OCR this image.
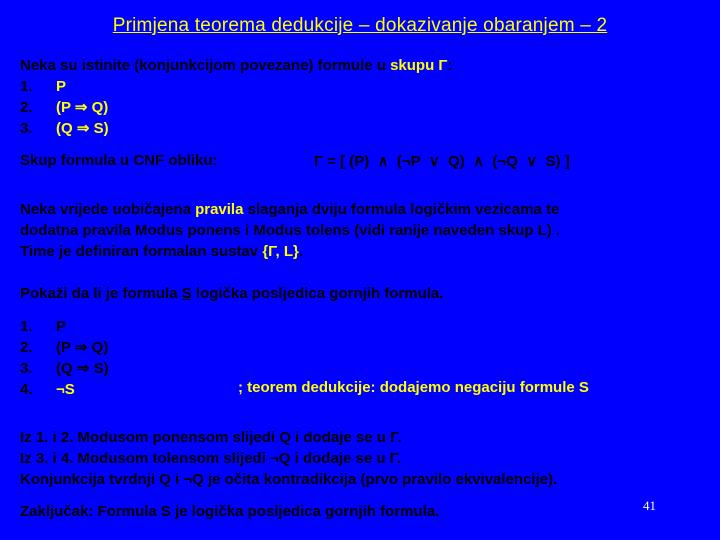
Primjena teorema dedukcije – dokazivanje obaranjem – 2
Neka su istinite (konjunkcijom povezane) formule u skupu Γ:
1. P
2. (P ⇒ Q)
3. (Q ⇒ S)
Skup formula u CNF obliku:	Γ = [ (P)  ∧  (¬P  ∨  Q)  ∧  (¬Q  ∨  S) ]
Neka vrijede uobičajena pravila slaganja dviju formula logičkim vezicama te
dodatna pravila Modus ponens i Modus tolens (vidi ranije naveden skup L) .
Time je definiran formalan sustav {Γ, L}.
Pokaži da li je formula S logička posljedica gornjih formula.
1. P
2. (P ⇒ Q)
3. (Q ⇒ S)
4. ¬S	; teorem dedukcije: dodajemo negaciju formule S
Iz 1. i 2. Modusom ponensom slijedi Q i dodaje se u Γ.
Iz 3. i 4. Modusom tolensom slijedi ¬Q i dodaje se u Γ.
Konjunkcija tvrdnji Q i ¬Q je očita kontradikcija (prvo pravilo ekvivalencije).
Zaključak: Formula S je logička posljedica gornjih formula.	41
